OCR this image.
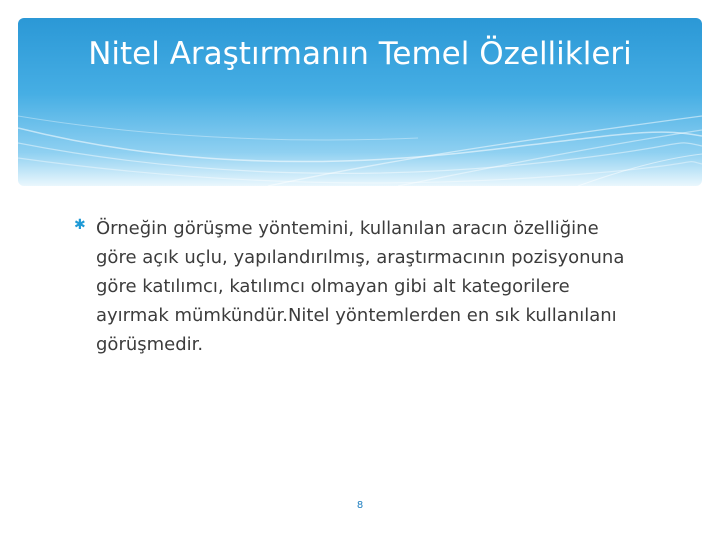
Nitel Araştırmanın Temel Özellikleri
✱ Örneğin görüşme yöntemini, kullanılan aracın özelliğine göre açık uçlu, yapılandırılmış, araştırmacının pozisyonuna göre katılımcı, katılımcı olmayan gibi alt kategorilere ayırmak mümkündür.Nitel yöntemlerden en sık kullanılanı görüşmedir.
8
